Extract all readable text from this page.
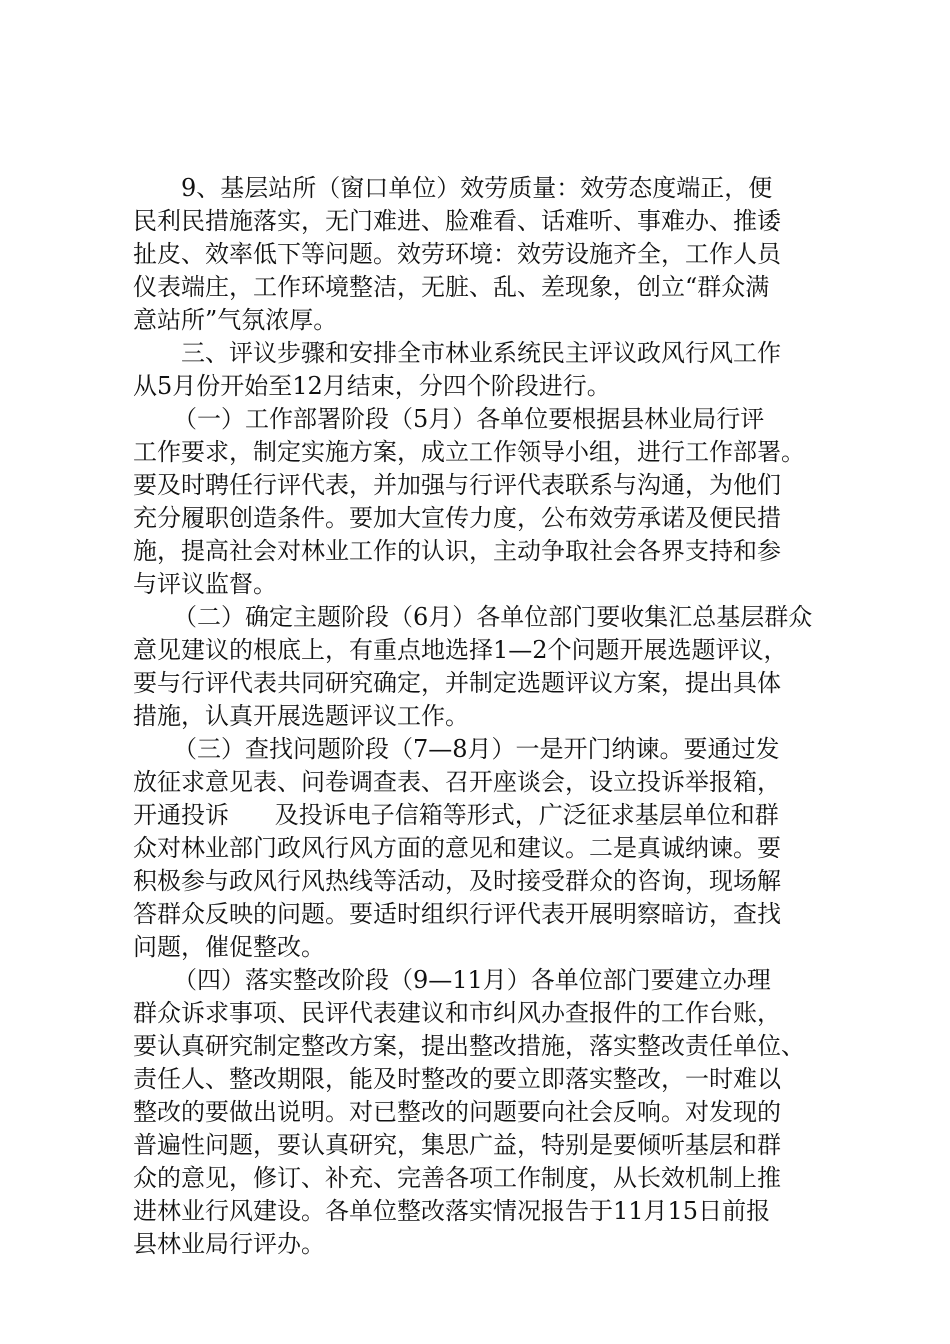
9、基层站所（窗口单位）效劳质量：效劳态度端正，便
民利民措施落实，无门难进、脸难看、话难听、事难办、推诿
扯皮、效率低下等问题。效劳环境：效劳设施齐全，工作人员
仪表端庄，工作环境整洁，无脏、乱、差现象，创立“群众满
意站所”气氛浓厚。
三、评议步骤和安排全市林业系统民主评议政风行风工作
从5月份开始至12月结束，分四个阶段进行。
（一）工作部署阶段（5月）各单位要根据县林业局行评
工作要求，制定实施方案，成立工作领导小组，进行工作部署。
要及时聘任行评代表，并加强与行评代表联系与沟通，为他们
充分履职创造条件。要加大宣传力度，公布效劳承诺及便民措
施，提高社会对林业工作的认识，主动争取社会各界支持和参
与评议监督。
（二）确定主题阶段（6月）各单位部门要收集汇总基层群众
意见建议的根底上，有重点地选择1—2个问题开展选题评议，
要与行评代表共同研究确定，并制定选题评议方案，提出具体
措施，认真开展选题评议工作。
（三）查找问题阶段（7—8月）一是开门纳谏。要通过发
放征求意见表、问卷调查表、召开座谈会，设立投诉举报箱，
开通投诉      及投诉电子信箱等形式，广泛征求基层单位和群
众对林业部门政风行风方面的意见和建议。二是真诚纳谏。要
积极参与政风行风热线等活动，及时接受群众的咨询，现场解
答群众反映的问题。要适时组织行评代表开展明察暗访，查找
问题，催促整改。
（四）落实整改阶段（9—11月）各单位部门要建立办理
群众诉求事项、民评代表建议和市纠风办查报件的工作台账，
要认真研究制定整改方案，提出整改措施，落实整改责任单位、
责任人、整改期限，能及时整改的要立即落实整改，一时难以
整改的要做出说明。对已整改的问题要向社会反响。对发现的
普遍性问题，要认真研究，集思广益，特别是要倾听基层和群
众的意见，修订、补充、完善各项工作制度，从长效机制上推
进林业行风建设。各单位整改落实情况报告于11月15日前报
县林业局行评办。
